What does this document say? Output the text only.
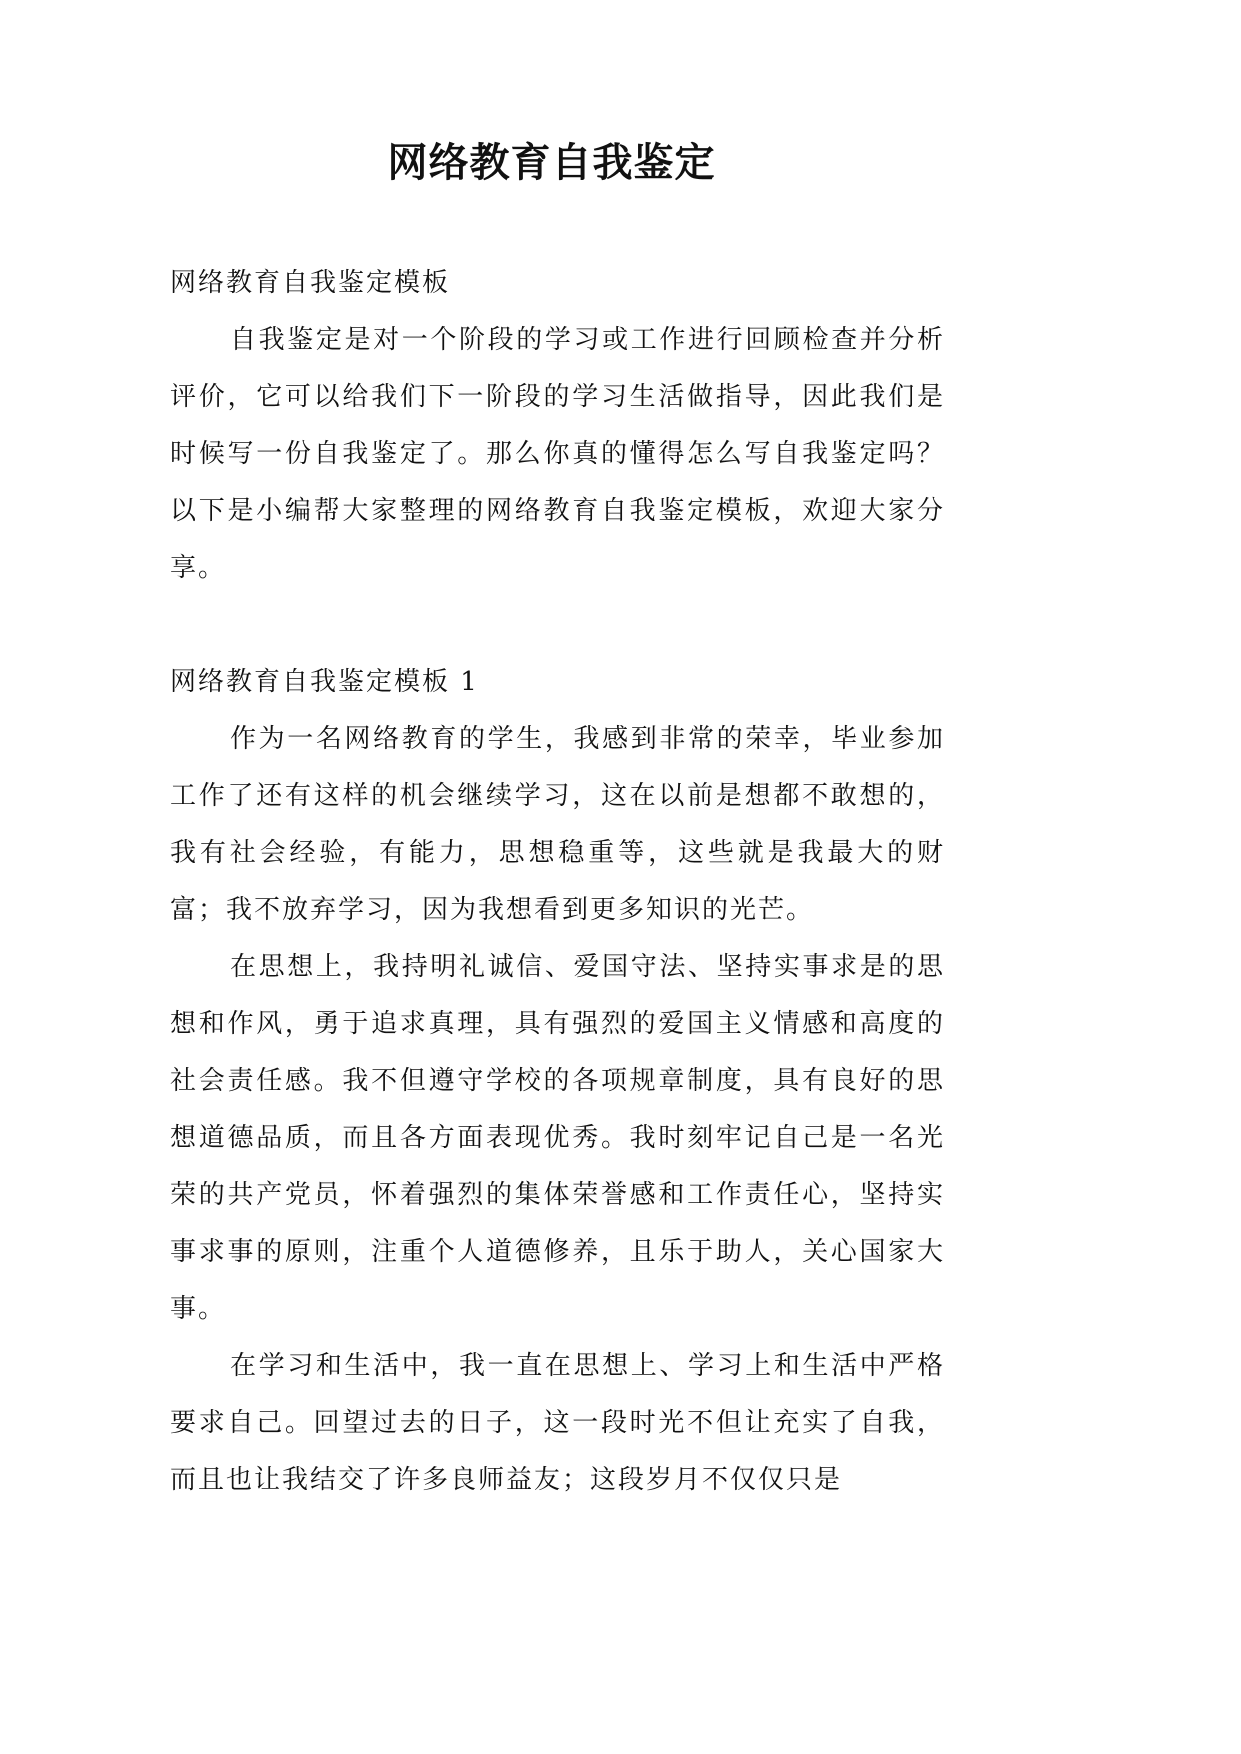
网络教育自我鉴定

网络教育自我鉴定模板

自我鉴定是对一个阶段的学习或工作进行回顾检查并分析评价，它可以给我们下一阶段的学习生活做指导，因此我们是时候写一份自我鉴定了。那么你真的懂得怎么写自我鉴定吗？以下是小编帮大家整理的网络教育自我鉴定模板，欢迎大家分享。

网络教育自我鉴定模板 1

作为一名网络教育的学生，我感到非常的荣幸，毕业参加工作了还有这样的机会继续学习，这在以前是想都不敢想的，我有社会经验，有能力，思想稳重等，这些就是我最大的财富；我不放弃学习，因为我想看到更多知识的光芒。

在思想上，我持明礼诚信、爱国守法、坚持实事求是的思想和作风，勇于追求真理，具有强烈的爱国主义情感和高度的社会责任感。我不但遵守学校的各项规章制度，具有良好的思想道德品质，而且各方面表现优秀。我时刻牢记自己是一名光荣的共产党员，怀着强烈的集体荣誉感和工作责任心，坚持实事求事的原则，注重个人道德修养，且乐于助人，关心国家大事。

在学习和生活中，我一直在思想上、学习上和生活中严格要求自己。回望过去的日子，这一段时光不但让充实了自我，而且也让我结交了许多良师益友；这段岁月不仅仅只是
